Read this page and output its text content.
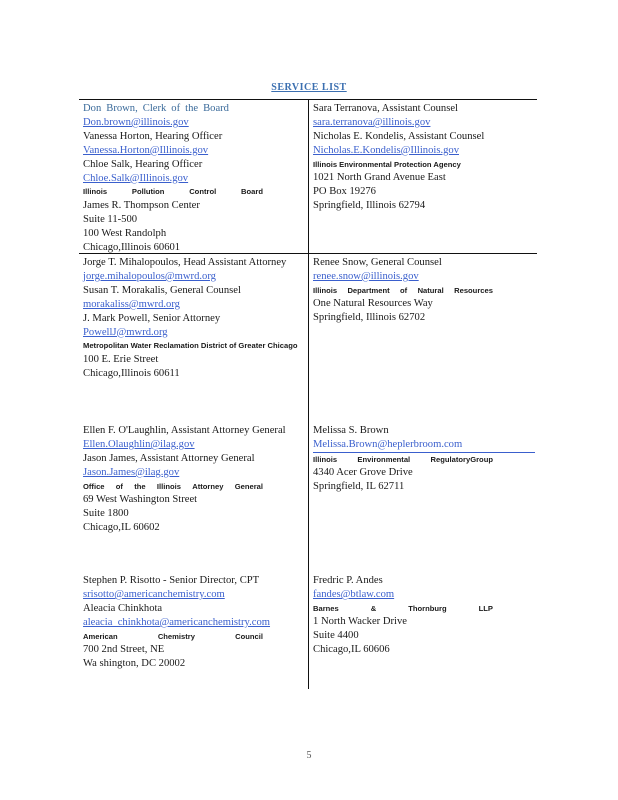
SERVICE LIST
Don Brown, Clerk of the Board
Don.brown@illinois.gov
Vanessa Horton, Hearing Officer
Vanessa.Horton@Illinois.gov
Chloe Salk, Hearing Officer
Chloe.Salk@Illinois.gov
Illinois	Pollution	Control	Board
James R. Thompson Center
Suite 11-500
100 West Randolph
Chicago,Illinois 60601
Sara Terranova, Assistant Counsel
sara.terranova@illinois.gov
Nicholas E. Kondelis, Assistant Counsel
Nicholas.E.Kondelis@Illinois.gov
Illinois Environmental Protection Agency
1021 North Grand Avenue East
PO Box 19276
Springfield, Illinois 62794
Jorge T. Mihalopoulos, Head Assistant Attorney
jorge.mihalopoulos@mwrd.org
Susan T. Morakalis, General Counsel
morakaliss@mwrd.org
J. Mark Powell, Senior Attorney
PowellJ@mwrd.org
Metropolitan Water Reclamation District of Greater Chicago
100 E. Erie Street
Chicago,Illinois 60611
Renee Snow, General Counsel
renee.snow@illinois.gov
Illinois Department of Natural Resources
One Natural Resources Way
Springfield, Illinois 62702
Ellen F. O'Laughlin, Assistant Attorney General
Ellen.Olaughlin@ilag.gov
Jason James, Assistant Attorney General
Jason.James@ilag.gov
Office of the Illinois Attorney General
69 West Washington Street
Suite 1800
Chicago,IL 60602
Melissa S. Brown
Melissa.Brown@heplerbroom.com
Illinois	Environmental	RegulatoryGroup
4340 Acer Grove Drive
Springfield, IL 62711
Stephen P. Risotto - Senior Director, CPT
srisotto@americanchemistry.com
Aleacia Chinkhota
aleacia_chinkhota@americanchemistry.com
American	Chemistry	Council
700 2nd Street, NE
Wa shington, DC 20002
Fredric P. Andes
fandes@btlaw.com
Barnes	&	Thornburg	LLP
1 North Wacker Drive
Suite 4400
Chicago,IL 60606
5
